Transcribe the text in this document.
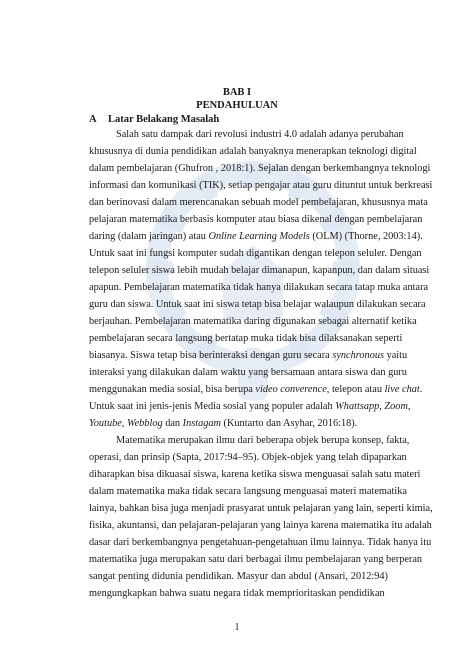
BAB I
PENDAHULUAN
A Latar Belakang Masalah
Salah satu dampak dari revolusi industri 4.0 adalah adanya perubahan
khususnya di dunia pendidikan adalah banyaknya menerapkan teknologi digital
dalam pembelajaran (Ghufron , 2018:1). Sejalan dengan berkembangnya teknologi
informasi dan komunikasi (TIK), setiap pengajar atau guru dituntut untuk berkreasi
dan berinovasi dalam merencanakan sebuah model pembelajaran, khususnya mata
pelajaran matematika berbasis komputer atau biasa dikenal dengan pembelajaran
daring (dalam jaringan) atau Online Learning Models (OLM) (Thorne, 2003:14).
Untuk saat ini fungsi komputer sudah digantikan dengan telepon seluler. Dengan
telepon seluler siswa lebih mudah belajar dimanapun, kapanpun, dan dalam situasi
apapun. Pembelajaran matematika tidak hanya dilakukan secara tatap muka antara
guru dan siswa. Untuk saat ini siswa tetap bisa belajar walaupun dilakukan secara
berjauhan. Pembelajaran matematika daring digunakan sebagai alternatif ketika
pembelajaran secara langsung bertatap muka tidak bisa dilaksanakan seperti
biasanya. Siswa tetap bisa berinteraksi dengan guru secara synchronous yaitu
interaksi yang dilakukan dalam waktu yang bersamaan antara siswa dan guru
menggunakan media sosial, bisa berupa video converence, telepon atau live chat.
Untuk saat ini jenis-jenis Media sosial yang populer adalah Whattsapp, Zoom,
Youtube, Webblog dan Instagam (Kuntarto dan Asyhar, 2016:18).
Matematika merupakan ilmu dari beberapa objek berupa konsep, fakta,
operasi, dan prinsip (Sapta, 2017:94–95). Objek-objek yang telah dipaparkan
diharapkan bisa dikuasai siswa, karena ketika siswa menguasai salah satu materi
dalam matematika maka tidak secara langsung menguasai materi matematika
lainya, bahkan bisa juga menjadi prasyarat untuk pelajaran yang lain, seperti kimia,
fisika, akuntansi, dan pelajaran-pelajaran yang lainya karena matematika itu adalah
dasar dari berkembangnya pengetahuan-pengetahuan ilmu lainnya. Tidak hanya itu
matematika juga merupakan satu dari berbagai ilmu pembelajaran yang berperan
sangat penting didunia pendidikan. Masyur dan abdul (Ansari, 2012:94)
mengungkapkan bahwa suatu negara tidak memprioritaskan pendidikan
1
